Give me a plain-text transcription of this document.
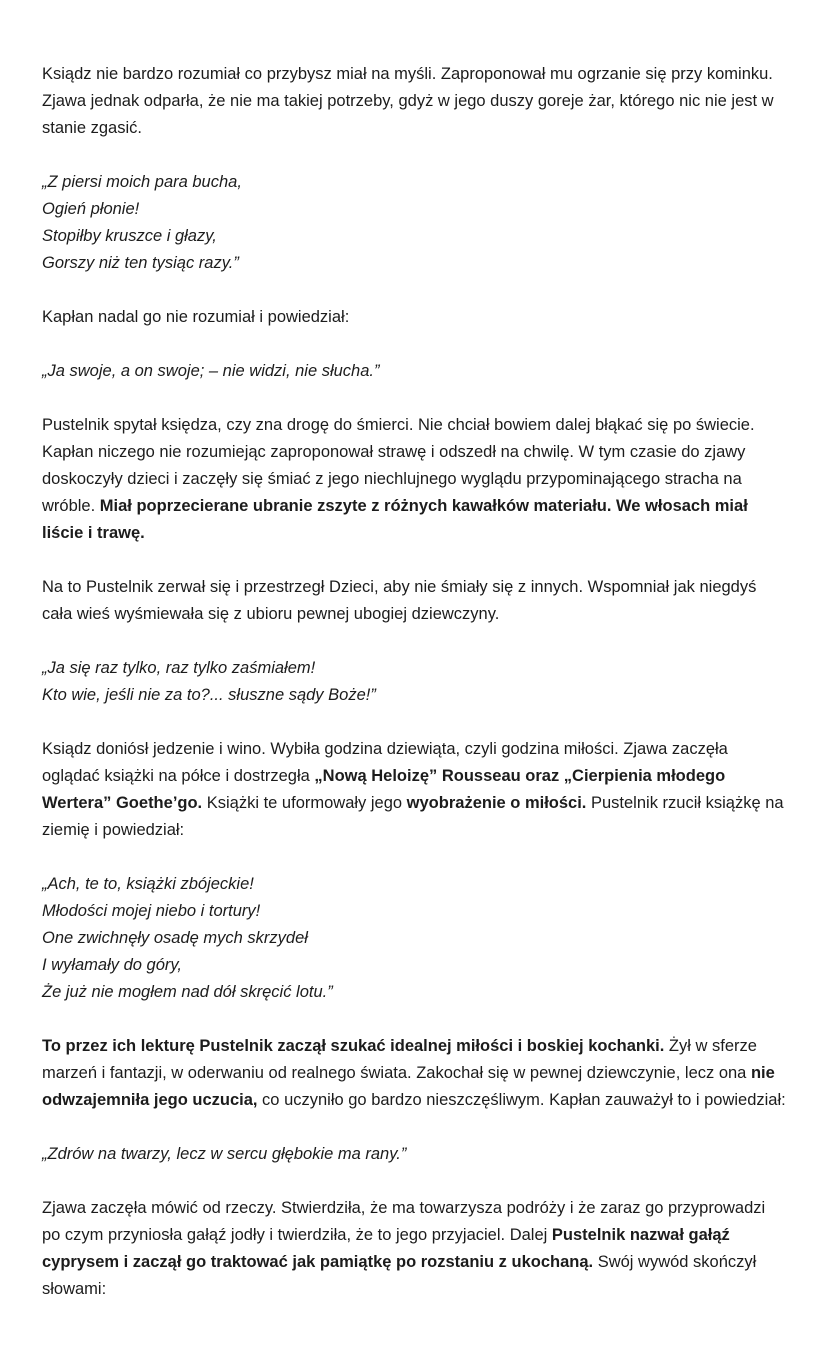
Ksiądz nie bardzo rozumiał co przybysz miał na myśli. Zaproponował mu ogrzanie się przy kominku. Zjawa jednak odparła, że nie ma takiej potrzeby, gdyż w jego duszy goreje żar, którego nic nie jest w stanie zgasić.

„Z piersi moich para bucha,
Ogień płonie!
Stopiłby kruszce i głazy,
Gorszy niż ten tysiąc razy.”

Kapłan nadal go nie rozumiał i powiedział:

„Ja swoje, a on swoje; – nie widzi, nie słucha.”

Pustelnik spytał księdza, czy zna drogę do śmierci. Nie chciał bowiem dalej błąkać się po świecie. Kapłan niczego nie rozumiejąc zaproponował strawę i odszedł na chwilę. W tym czasie do zjawy doskoczyły dzieci i zaczęły się śmiać z jego niechlujnego wyglądu przypominającego stracha na wróble. Miał poprzecierane ubranie zszyte z różnych kawałków materiału. We włosach miał liście i trawę.

Na to Pustelnik zerwał się i przestrzegł Dzieci, aby nie śmiały się z innych. Wspomniał jak niegdyś cała wieś wyśmiewała się z ubioru pewnej ubogiej dziewczyny.

„Ja się raz tylko, raz tylko zaśmiałem!
Kto wie, jeśli nie za to?... słuszne sądy Boże!”

Ksiądz doniósł jedzenie i wino. Wybiła godzina dziewiąta, czyli godzina miłości. Zjawa zaczęła oglądać książki na półce i dostrzegła „Nową Heloizę” Rousseau oraz „Cierpienia młodego Wertera” Goethe’go. Książki te uformowały jego wyobrażenie o miłości. Pustelnik rzucił książkę na ziemię i powiedział:

„Ach, te to, książki zbójeckie!
Młodości mojej niebo i tortury!
One zwichnęły osadę mych skrzydeł
I wyłamały do góry,
Że już nie mogłem nad dół skręcić lotu.”

To przez ich lekturę Pustelnik zaczął szukać idealnej miłości i boskiej kochanki. Żył w sferze marzeń i fantazji, w oderwaniu od realnego świata. Zakochał się w pewnej dziewczynie, lecz ona nie odwzajemniła jego uczucia, co uczyniło go bardzo nieszczęśliwym. Kapłan zauważył to i powiedział:

„Zdrów na twarzy, lecz w sercu głębokie ma rany.”

Zjawa zaczęła mówić od rzeczy. Stwierdziła, że ma towarzysza podróży i że zaraz go przyprowadzi po czym przyniosła gałąź jodły i twierdziła, że to jego przyjaciel. Dalej Pustelnik nazwał gałąź cyprysem i zaczął go traktować jak pamiątkę po rozstaniu z ukochaną. Swój wywód skończył słowami:
